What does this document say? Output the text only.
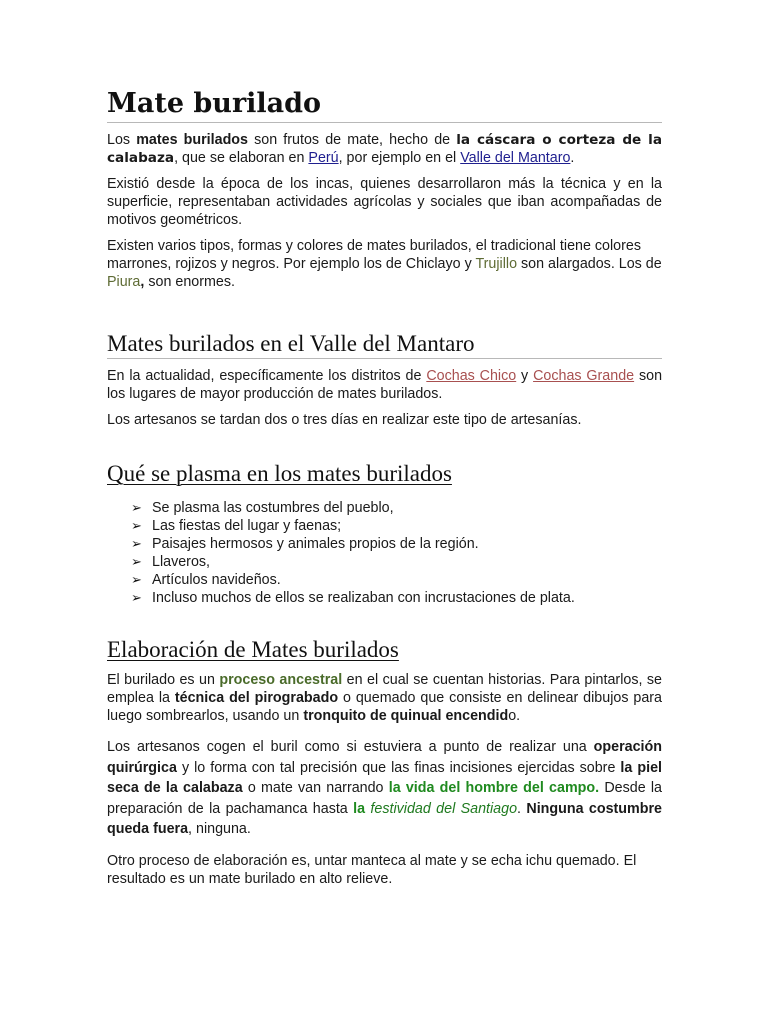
Mate burilado

Los mates burilados son frutos de mate, hecho de la cáscara o corteza de la calabaza, que se elaboran en Perú, por ejemplo en el Valle del Mantaro.

Existió desde la época de los incas, quienes desarrollaron más la técnica y en la superficie, representaban actividades agrícolas y sociales que iban acompañadas de motivos geométricos.

Existen varios tipos, formas y colores de mates burilados, el tradicional tiene colores marrones, rojizos y negros. Por ejemplo los de Chiclayo y Trujillo son alargados. Los de Piura, son enormes.

Mates burilados en el Valle del Mantaro

En la actualidad, específicamente los distritos de Cochas Chico y Cochas Grande son los lugares de mayor producción de mates burilados.

Los artesanos se tardan dos o tres días en realizar este tipo de artesanías.

Qué se plasma en los mates burilados
➢ Se plasma las costumbres del pueblo,
➢ Las fiestas del lugar y faenas;
➢ Paisajes hermosos y animales propios de la región.
➢ Llaveros,
➢ Artículos navideños.
➢ Incluso muchos de ellos se realizaban con incrustaciones de plata.
Elaboración de Mates burilados

El burilado es un proceso ancestral en el cual se cuentan historias. Para pintarlos, se emplea la técnica del pirograbado o quemado que consiste en delinear dibujos para luego sombrearlos, usando un tronquito de quinual encendido.

Los artesanos cogen el buril como si estuviera a punto de realizar una operación quirúrgica y lo forma con tal precisión que las finas incisiones ejercidas sobre la piel seca de la calabaza o mate van narrando la vida del hombre del campo. Desde la preparación de la pachamanca hasta la festividad del Santiago. Ninguna costumbre queda fuera, ninguna.

Otro proceso de elaboración es, untar manteca al mate y se echa ichu quemado. El resultado es un mate burilado en alto relieve.
